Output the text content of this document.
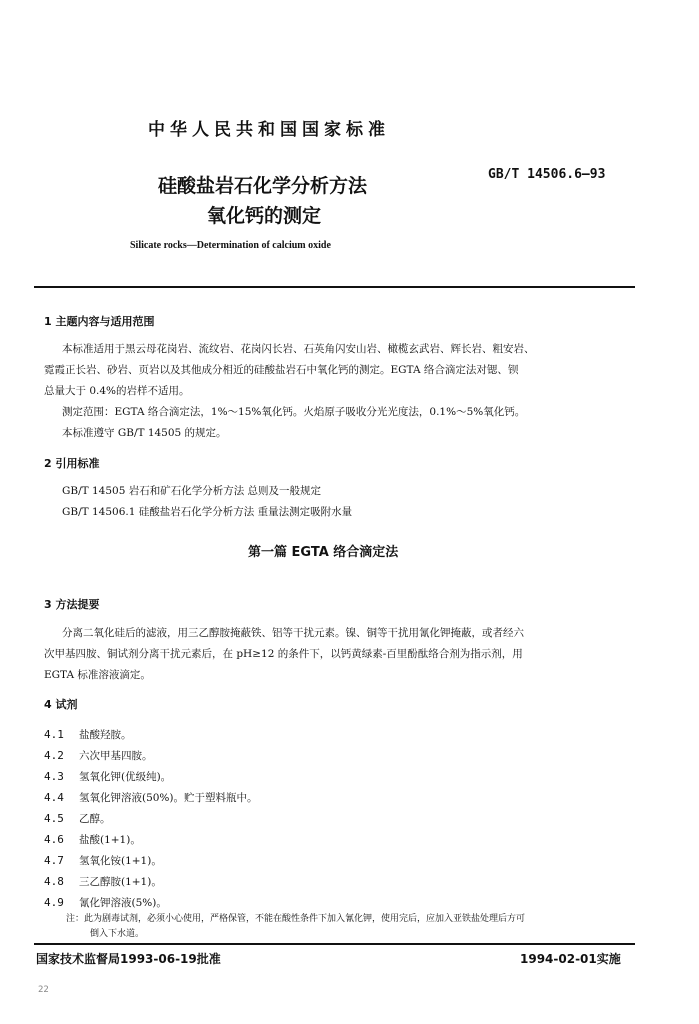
中华人民共和国国家标准
硅酸盐岩石化学分析方法
氧化钙的测定
GB/T 14506.6—93
Silicate rocks—Determination of calcium oxide
1 主题内容与适用范围
本标准适用于黑云母花岗岩、流纹岩、花岗闪长岩、石英角闪安山岩、橄榄玄武岩、辉长岩、粗安岩、
霓霞正长岩、砂岩、页岩以及其他成分相近的硅酸盐岩石中氧化钙的测定。EGTA 络合滴定法对锶、钡
总量大于 0.4%的岩样不适用。
测定范围：EGTA 络合滴定法，1%～15%氧化钙。火焰原子吸收分光光度法，0.1%～5%氧化钙。
本标准遵守 GB/T 14505 的规定。
2 引用标准
GB/T 14505 岩石和矿石化学分析方法 总则及一般规定
GB/T 14506.1 硅酸盐岩石化学分析方法 重量法测定吸附水量
第一篇 EGTA 络合滴定法
3 方法提要
分离二氧化硅后的滤液，用三乙醇胺掩蔽铁、铝等干扰元素。镍、铜等干扰用氰化钾掩蔽，或者经六
次甲基四胺、铜试剂分离干扰元素后，在 pH≥12 的条件下，以钙黄绿素-百里酚酞络合剂为指示剂，用
EGTA 标准溶液滴定。
4 试剂
4.1 盐酸羟胺。
4.2 六次甲基四胺。
4.3 氢氧化钾(优级纯)。
4.4 氢氧化钾溶液(50%)。贮于塑料瓶中。
4.5 乙醇。
4.6 盐酸(1+1)。
4.7 氢氧化铵(1+1)。
4.8 三乙醇胺(1+1)。
4.9 氰化钾溶液(5%)。
注：此为剧毒试剂，必须小心使用，严格保管，不能在酸性条件下加入氰化钾，使用完后，应加入亚铁盐处理后方可
倒入下水道。
国家技术监督局1993-06-19批准	1994-02-01实施
22
